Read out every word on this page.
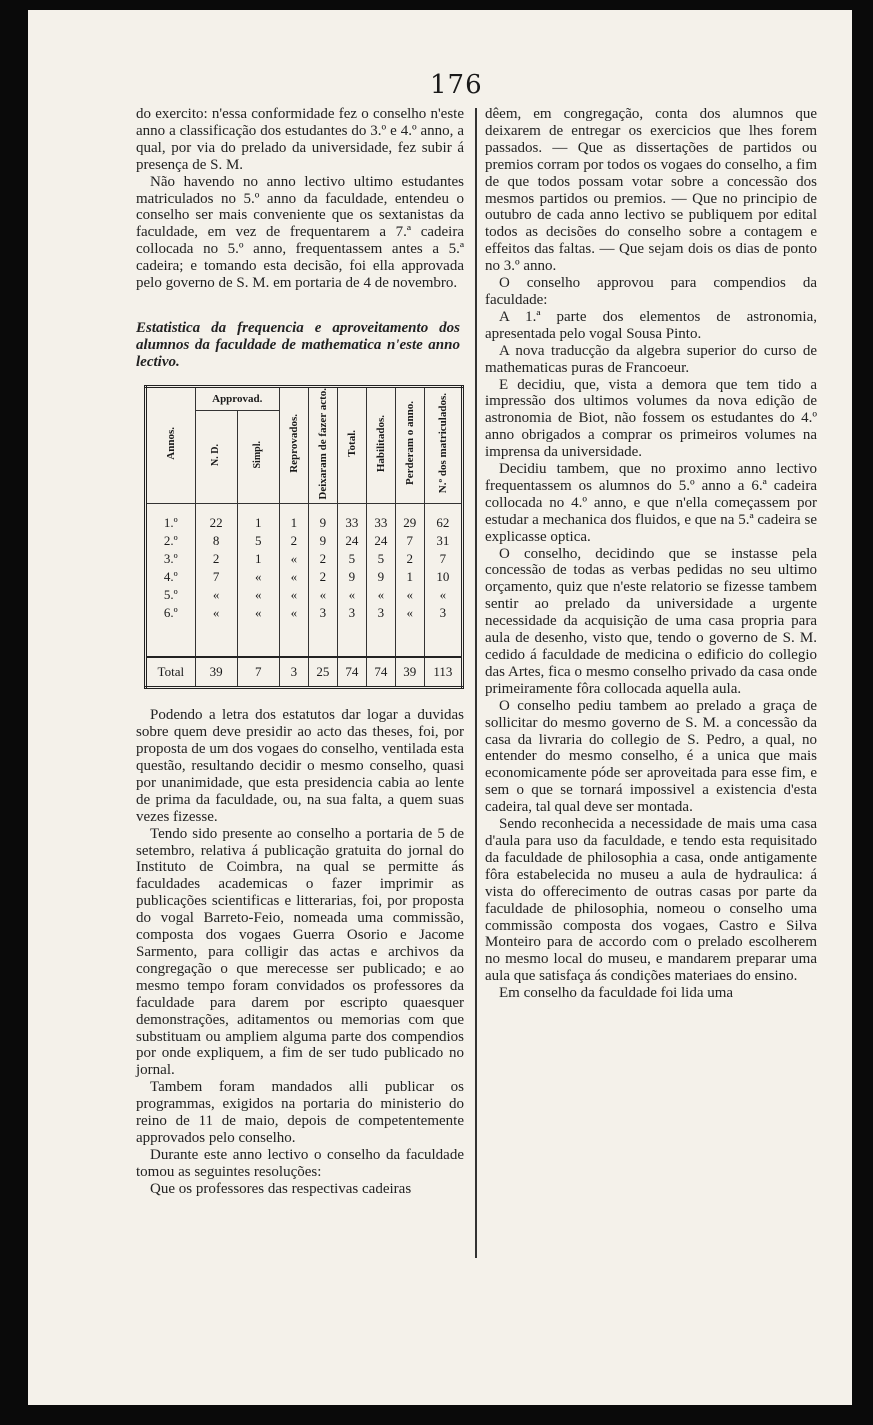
176

do exercito: n'essa conformidade fez o conselho n'este anno a classificação dos estudantes do 3.º e 4.º anno, a qual, por via do prelado da universidade, fez subir á presença de S. M.

Não havendo no anno lectivo ultimo estudantes matriculados no 5.º anno da faculdade, entendeu o conselho ser mais conveniente que os sextanistas da faculdade, em vez de frequentarem a 7.ª cadeira collocada no 5.º anno, frequentassem antes a 5.ª cadeira; e tomando esta decisão, foi ella approvada pelo governo de S. M. em portaria de 4 de novembro.

Estatistica da frequencia e aproveitamento dos alumnos da faculdade de mathematica n'este anno lectivo.

Annos.	Approvad.		Reprovados.	Deixaram de fazer acto.	Total.	Habilitados.	Perderam o anno.	N.º dos matriculados.
	N. D.	Simpl.						
1.º	22	1	1	9	33	33	29	62
2.º	8	5	2	9	24	24	7	31
3.º	2	1	«	2	5	5	2	7
4.º	7	«	«	2	9	9	1	10
5.º	«	«	«	«	«	«	«	«
6.º	«	«	«	3	3	3	«	3

Total	39	7	3	25	74	74	39	113

Podendo a letra dos estatutos dar logar a duvidas sobre quem deve presidir ao acto das theses, foi, por proposta de um dos vogaes do conselho, ventilada esta questão, resultando decidir o mesmo conselho, quasi por unanimidade, que esta presidencia cabia ao lente de prima da faculdade, ou, na sua falta, a quem suas vezes fizesse.

Tendo sido presente ao conselho a portaria de 5 de setembro, relativa á publicação gratuita do jornal do Instituto de Coimbra, na qual se permitte ás faculdades academicas o fazer imprimir as publicações scientificas e litterarias, foi, por proposta do vogal Barreto-Feio, nomeada uma commissão, composta dos vogaes Guerra Osorio e Jacome Sarmento, para colligir das actas e archivos da congregação o que merecesse ser publicado; e ao mesmo tempo foram convidados os professores da faculdade para darem por escripto quaesquer demonstrações, aditamentos ou memorias com que substituam ou ampliem alguma parte dos compendios por onde expliquem, a fim de ser tudo publicado no jornal.

Tambem foram mandados alli publicar os programmas, exigidos na portaria do ministerio do reino de 11 de maio, depois de competentemente approvados pelo conselho.

Durante este anno lectivo o conselho da faculdade tomou as seguintes resoluções:

Que os professores das respectivas cadeiras

dêem, em congregação, conta dos alumnos que deixarem de entregar os exercicios que lhes forem passados. — Que as dissertações de partidos ou premios corram por todos os vogaes do conselho, a fim de que todos possam votar sobre a concessão dos mesmos partidos ou premios. — Que no principio de outubro de cada anno lectivo se publiquem por edital todos as decisões do conselho sobre a contagem e effeitos das faltas. — Que sejam dois os dias de ponto no 3.º anno.

O conselho approvou para compendios da faculdade:

A 1.ª parte dos elementos de astronomia, apresentada pelo vogal Sousa Pinto.

A nova traducção da algebra superior do curso de mathematicas puras de Francoeur.

E decidiu, que, vista a demora que tem tido a impressão dos ultimos volumes da nova edição de astronomia de Biot, não fossem os estudantes do 4.º anno obrigados a comprar os primeiros volumes na imprensa da universidade.

Decidiu tambem, que no proximo anno lectivo frequentassem os alumnos do 5.º anno a 6.ª cadeira collocada no 4.º anno, e que n'ella começassem por estudar a mechanica dos fluidos, e que na 5.ª cadeira se explicasse optica.

O conselho, decidindo que se instasse pela concessão de todas as verbas pedidas no seu ultimo orçamento, quiz que n'este relatorio se fizesse tambem sentir ao prelado da universidade a urgente necessidade da acquisição de uma casa propria para aula de desenho, visto que, tendo o governo de S. M. cedido á faculdade de medicina o edificio do collegio das Artes, fica o mesmo conselho privado da casa onde primeiramente fôra collocada aquella aula.

O conselho pediu tambem ao prelado a graça de sollicitar do mesmo governo de S. M. a concessão da casa da livraria do collegio de S. Pedro, a qual, no entender do mesmo conselho, é a unica que mais economicamente póde ser aproveitada para esse fim, e sem o que se tornará impossivel a existencia d'esta cadeira, tal qual deve ser montada.

Sendo reconhecida a necessidade de mais uma casa d'aula para uso da faculdade, e tendo esta requisitado da faculdade de philosophia a casa, onde antigamente fôra estabelecida no museu a aula de hydraulica: á vista do offerecimento de outras casas por parte da faculdade de philosophia, nomeou o conselho uma commissão composta dos vogaes, Castro e Silva Monteiro para de accordo com o prelado escolherem no mesmo local do museu, e mandarem preparar uma aula que satisfaça ás condições materiaes do ensino.

Em conselho da faculdade foi lida uma
